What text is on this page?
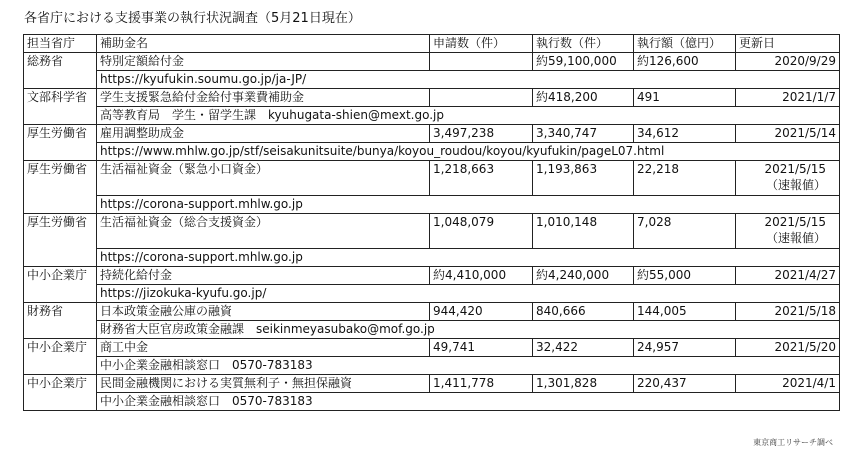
各省庁における支援事業の執行状況調査（5月21日現在）
担当省庁	補助金名	申請数（件）	執行数（件）	執行額（億円）	更新日
総務省	特別定額給付金		約59,100,000	約126,600	2020/9/29
	https://kyufukin.soumu.go.jp/ja-JP/				
文部科学省	学生支援緊急給付金給付事業費補助金		約418,200	491	2021/1/7
	高等教育局　学生・留学生課　kyuhugata-shien@mext.go.jp				
厚生労働省	雇用調整助成金	3,497,238	3,340,747	34,612	2021/5/14
	https://www.mhlw.go.jp/stf/seisakunitsuite/bunya/koyou_roudou/koyou/kyufukin/pageL07.html				
厚生労働省	生活福祉資金（緊急小口資金）	1,218,663	1,193,863	22,218	2021/5/15
（速報値）

	https://corona-support.mhlw.go.jp				
厚生労働省	生活福祉資金（総合支援資金）	1,048,079	1,010,148	7,028	2021/5/15
（速報値）

	https://corona-support.mhlw.go.jp				
中小企業庁	持続化給付金	約4,410,000	約4,240,000	約55,000	2021/4/27
	https://jizokuka-kyufu.go.jp/				
財務省	日本政策金融公庫の融資	944,420	840,666	144,005	2021/5/18
	財務省大臣官房政策金融課　seikinmeyasubako@mof.go.jp				
中小企業庁	商工中金	49,741	32,422	24,957	2021/5/20
	中小企業金融相談窓口　0570-783183				
中小企業庁	民間金融機関における実質無利子・無担保融資	1,411,778	1,301,828	220,437	2021/4/1
	中小企業金融相談窓口　0570-783183				
東京商工リサーチ調べ
